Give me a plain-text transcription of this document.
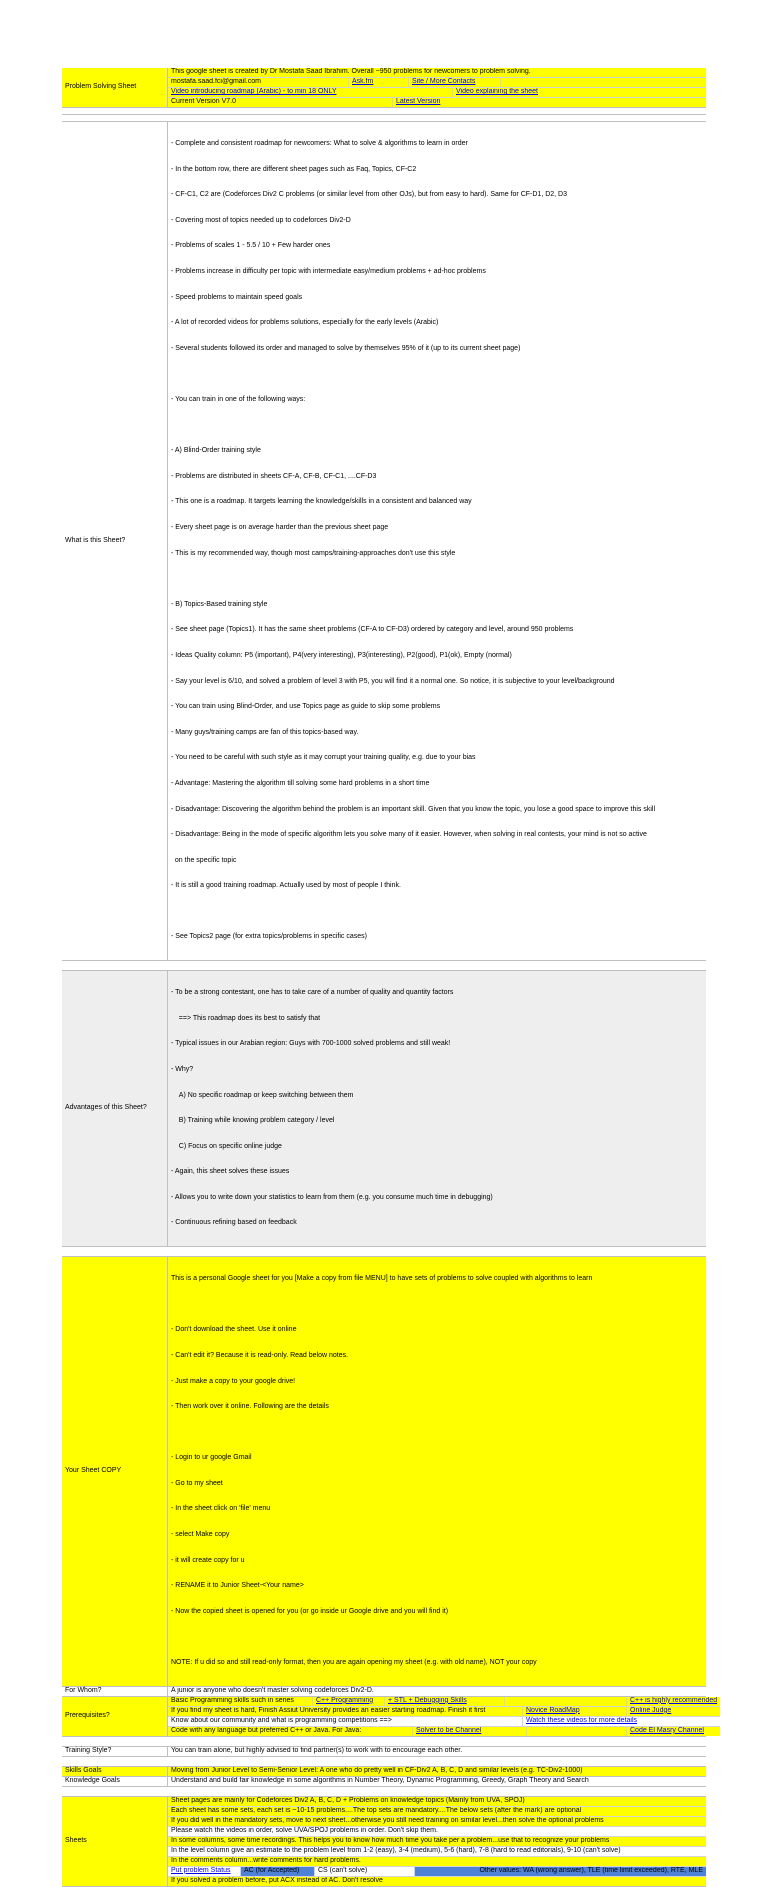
Problem Solving Sheet
This google sheet is created by Dr Mostafa Saad Ibrahim. Overall ~950 problems for newcomers to problem solving.
mostafa.saad.fci@gmail.com	Ask.fm	Site / More Contacts
Video introducing roadmap (Arabic) - to min 18 ONLY	Video explaining the sheet
Current Version V7.0	Latest Version
What is this Sheet?

- Complete and consistent roadmap for newcomers: What to solve & algorithms to learn in order

- In the bottom row, there are different sheet pages such as Faq, Topics, CF-C2

- CF-C1, C2 are (Codeforces Div2 C problems (or similar level from other OJs), but from easy to hard). Same for CF-D1, D2, D3

- Covering most of topics needed up to codeforces Div2-D

- Problems of scales 1 - 5.5 / 10 + Few harder ones

- Problems increase in difficulty per topic with intermediate easy/medium problems + ad-hoc problems

- Speed problems to maintain speed goals

- A lot of recorded videos for problems solutions, especially for the early levels (Arabic)

- Several students followed its order and managed to solve by themselves 95% of it (up to its current sheet page)

- You can train in one of the following ways:

- A) Blind-Order training style

- Problems are distributed in sheets CF-A, CF-B, CF-C1, ....CF-D3

- This one is a roadmap. It targets learning the knowledge/skills in a consistent and balanced way

- Every sheet page is on average harder than the previous sheet page

- This is my recommended way, though most camps/training-approaches don't use this style

- B) Topics-Based training style

- See sheet page (Topics1). It has the same sheet problems (CF-A to CF-D3) ordered by category and level, around 950 problems

- Ideas Quality column: P5 (important), P4(very interesting), P3(interesting), P2(good), P1(ok), Empty (normal)

- Say your level is 6/10, and solved a problem of level 3 with P5, you will find it a normal one. So notice, it is subjective to your level/background

- You can train using Blind-Order, and use Topics page as guide to skip some problems

- Many guys/training camps are fan of this topics-based way.

- You need to be careful with such style as it may corrupt your training quality, e.g. due to your bias

- Advantage: Mastering the algorithm till solving some hard problems in a short time

- Disadvantage: Discovering the algorithm behind the problem is an important skill. Given that you know the topic, you lose a good space to improve this skill

- Disadvantage: Being in the mode of specific algorithm lets you solve many of it easier. However, when solving in real contests, your mind is not so active

on the specific topic

- It is still a good training roadmap. Actually used by most of people I think.

- See Topics2 page (for extra topics/problems in specific cases)

Advantages of this Sheet?

- To be a strong contestant, one has to take care of a number of quality and quantity factors

==> This roadmap does its best to satisfy that

- Typical issues in our Arabian region: Guys with 700-1000 solved problems and still weak!

- Why?

A) No specific roadmap or keep switching between them

B) Training while knowing problem category / level

C) Focus on specific online judge

- Again, this sheet solves these issues

- Allows you to write down your statistics to learn from them (e.g. you consume much time in debugging)

- Continuous refining based on feedback

Your Sheet COPY

This is a personal Google sheet for you [Make a copy from file MENU] to have sets of problems to solve coupled with algorithms to learn

- Don't download the sheet. Use it online

- Can't edit it? Because it is read-only. Read below notes.

- Just make a copy to your google drive!

- Then work over it online. Following are the details

- Login to ur google Gmail

- Go to my sheet

- In the sheet click on 'file' menu

- select Make copy

- it will create copy for u

- RENAME it to Junior Sheet-<Your name>

- Now the copied sheet is opened for you (or go inside ur Google drive and you will find it)

NOTE: If u did so and still read-only format, then you are again opening my sheet (e.g. with old name), NOT your copy

For Whom?	A junior is anyone who doesn't master solving codeforces Div2-D.
Prerequisites?
Basic Programming skills such in series	C++ Programming + STL + Debugging Skills	C++ is highly recommended
If you find my sheet is hard, Finish Assiut University provides an easier starting roadmap. Finish it first	Novice RoadMap	Online Judge
Know about our community and what is programming competitions ==>	Watch these videos for more details
Code with any language but preferred C++ or Java. For Java:	Solver to be Channel	Code El Masry Channel
Training Style?	You can train alone, but highly advised to find partner(s) to work with to encourage each other.
Skills Goals	Moving from Junior Level to Semi-Senior Level: A one who do pretty well in CF-Div2 A, B, C, D and similar levels (e.g. TC-Div2-1000)
Knowledge Goals	Understand and build fair knowledge in some algorithms in Number Theory, Dynamic Programming, Greedy, Graph Theory and Search
Sheets
Sheet pages are mainly for Codeforces Div2 A, B, C, D + Problems on knowledge topics (Mainly from UVA, SPOJ)
Each sheet has some sets, each set is ~10-15 problems....The top sets are mandatory....The below sets (after the mark) are optional
If you did well in the mandatory sets, move to next sheet...otherwise you still need training on similar level...then solve the optional problems
Please watch the videos in order, solve UVA/SPOJ problems in order. Don't skip them.
In some columns, some time recordings. This helps you to know how much time you take per a problem...use that to recognize your problems
In the level column give an estimate to the problem level from 1-2 (easy), 3-4 (medium), 5-6 (hard), 7-8 (hard to read editorials), 9-10 (can't solve)
In the comments column...write comments for hard problems.
Put problem Status	AC (for Accepted)	CS (can't solve)	Other values: WA (wrong answer), TLE (time limit exceeded), RTE, MLE
If you solved a problem before, put ACX instead of AC. Don't resolve
